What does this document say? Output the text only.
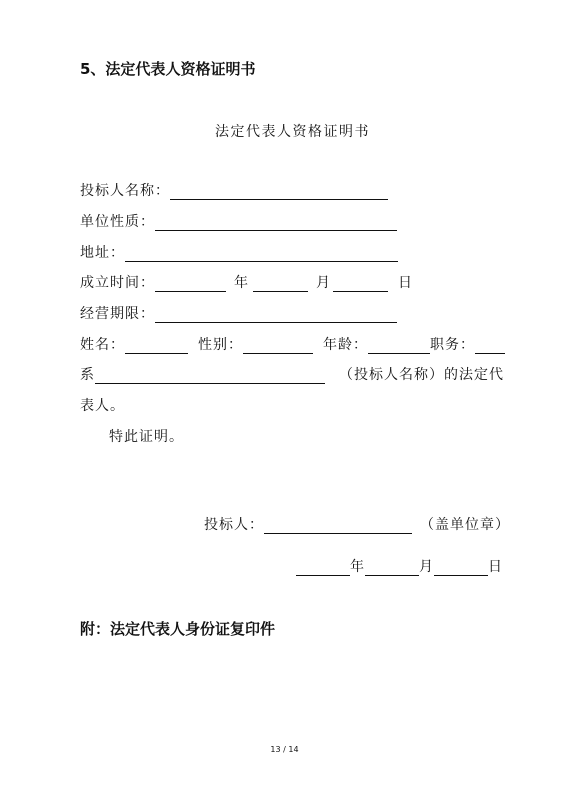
5、法定代表人资格证明书
法定代表人资格证明书
投标人名称：
单位性质：
地址：
成立时间：	年	月	日
经营期限：
姓名：	性别：	年龄：	职务：
系	（投标人名称）的法定代
表人。
特此证明。
投标人：	（盖单位章）
年	月	日
附：法定代表人身份证复印件
13 / 14
